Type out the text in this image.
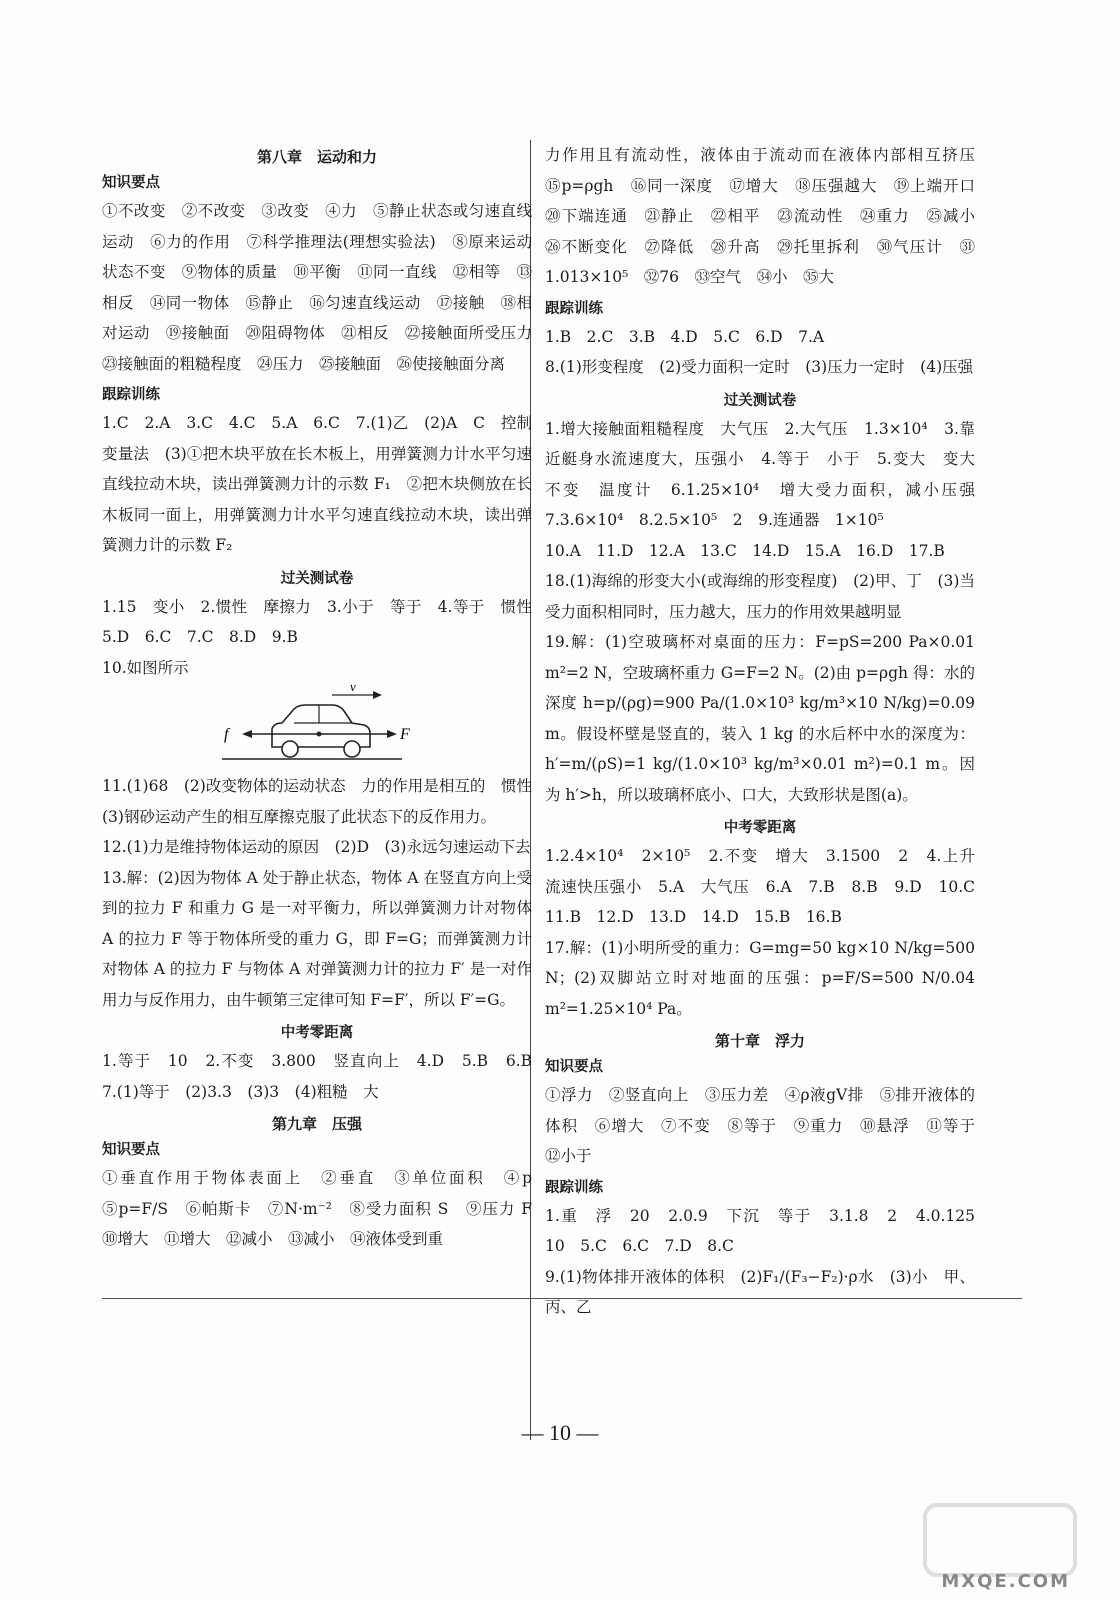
第八章　运动和力
知识要点
①不改变　②不改变　③改变　④力　⑤静止状态或匀速直线运动　⑥力的作用　⑦科学推理法(理想实验法)　⑧原来运动状态不变　⑨物体的质量　⑩平衡　⑪同一直线　⑫相等　⑬相反　⑭同一物体　⑮静止　⑯匀速直线运动　⑰接触　⑱相对运动　⑲接触面　⑳阻碍物体　㉑相反　㉒接触面所受压力　㉓接触面的粗糙程度　㉔压力　㉕接触面　㉖使接触面分离
跟踪训练
1.C　2.A　3.C　4.C　5.A　6.C　7.(1)乙　(2)A　C　控制变量法　(3)①把木块平放在长木板上，用弹簧测力计水平匀速直线拉动木块，读出弹簧测力计的示数 F₁　②把木块侧放在长木板同一面上，用弹簧测力计水平匀速直线拉动木块，读出弹簧测力计的示数 F₂
过关测试卷
1.15　变小　2.惯性　摩擦力　3.小于　等于　4.等于　惯性　5.D　6.C　7.C　8.D　9.B
10.如图所示
v
f	F
11.(1)68　(2)改变物体的运动状态　力的作用是相互的　惯性　(3)钢砂运动产生的相互摩擦克服了此状态下的反作用力。
12.(1)力是维持物体运动的原因　(2)D　(3)永远匀速运动下去
13.解：(2)因为物体 A 处于静止状态，物体 A 在竖直方向上受到的拉力 F 和重力 G 是一对平衡力，所以弹簧测力计对物体 A 的拉力 F 等于物体所受的重力 G，即 F=G；而弹簧测力计对物体 A 的拉力 F 与物体 A 对弹簧测力计的拉力 F′ 是一对作用力与反作用力，由牛顿第三定律可知 F=F′，所以 F′=G。
中考零距离
1.等于　10　2.不变　3.800　竖直向上　4.D　5.B　6.B　7.(1)等于　(2)3.3　(3)3　(4)粗糙　大
第九章　压强
知识要点
①垂直作用于物体表面上　②垂直　③单位面积　④p　⑤p=F/S　⑥帕斯卡　⑦N·m⁻²　⑧受力面积 S　⑨压力 F　⑩增大　⑪增大　⑫减小　⑬减小　⑭液体受到重
力作用且有流动性，液体由于流动而在液体内部相互挤压　⑮p=ρgh　⑯同一深度　⑰增大　⑱压强越大　⑲上端开口　⑳下端连通　㉑静止　㉒相平　㉓流动性　㉔重力　㉕减小　㉖不断变化　㉗降低　㉘升高　㉙托里拆利　㉚气压计　㉛1.013×10⁵　㉜76　㉝空气　㉞小　㉟大
跟踪训练
1.B　2.C　3.B　4.D　5.C　6.D　7.A
8.(1)形变程度　(2)受力面积一定时　(3)压力一定时　(4)压强
过关测试卷
1.增大接触面粗糙程度　大气压　2.大气压　1.3×10⁴　3.靠近艇身水流速度大，压强小　4.等于　小于　5.变大　变大　不变　温度计　6.1.25×10⁴　增大受力面积，减小压强　7.3.6×10⁴　8.2.5×10⁵　2　9.连通器　1×10⁵
10.A　11.D　12.A　13.C　14.D　15.A　16.D　17.B
18.(1)海绵的形变大小(或海绵的形变程度)　(2)甲、丁　(3)当受力面积相同时，压力越大，压力的作用效果越明显
19.解：(1)空玻璃杯对桌面的压力：F=pS=200 Pa×0.01 m²=2 N，空玻璃杯重力 G=F=2 N。(2)由 p=ρgh 得：水的深度 h=p/(ρg)=900 Pa/(1.0×10³ kg/m³×10 N/kg)=0.09 m。假设杯壁是竖直的，装入 1 kg 的水后杯中水的深度为：h′=m/(ρS)=1 kg/(1.0×10³ kg/m³×0.01 m²)=0.1 m。因为 h′>h，所以玻璃杯底小、口大，大致形状是图(a)。
中考零距离
1.2.4×10⁴　2×10⁵　2.不变　增大　3.1500　2　4.上升　流速快压强小　5.A　大气压　6.A　7.B　8.B　9.D　10.C　11.B　12.D　13.D　14.D　15.B　16.B
17.解：(1)小明所受的重力：G=mg=50 kg×10 N/kg=500 N；(2)双脚站立时对地面的压强：p=F/S=500 N/0.04 m²=1.25×10⁴ Pa。
第十章　浮力
知识要点
①浮力　②竖直向上　③压力差　④ρ液gV排　⑤排开液体的体积　⑥增大　⑦不变　⑧等于　⑨重力　⑩悬浮　⑪等于　⑫小于
跟踪训练
1.重　浮　20　2.0.9　下沉　等于　3.1.8　2　4.0.125　10　5.C　6.C　7.D　8.C
9.(1)物体排开液体的体积　(2)F₁/(F₃−F₂)·ρ水　(3)小　甲、丙、乙
— 10 —
MXQE.COM
